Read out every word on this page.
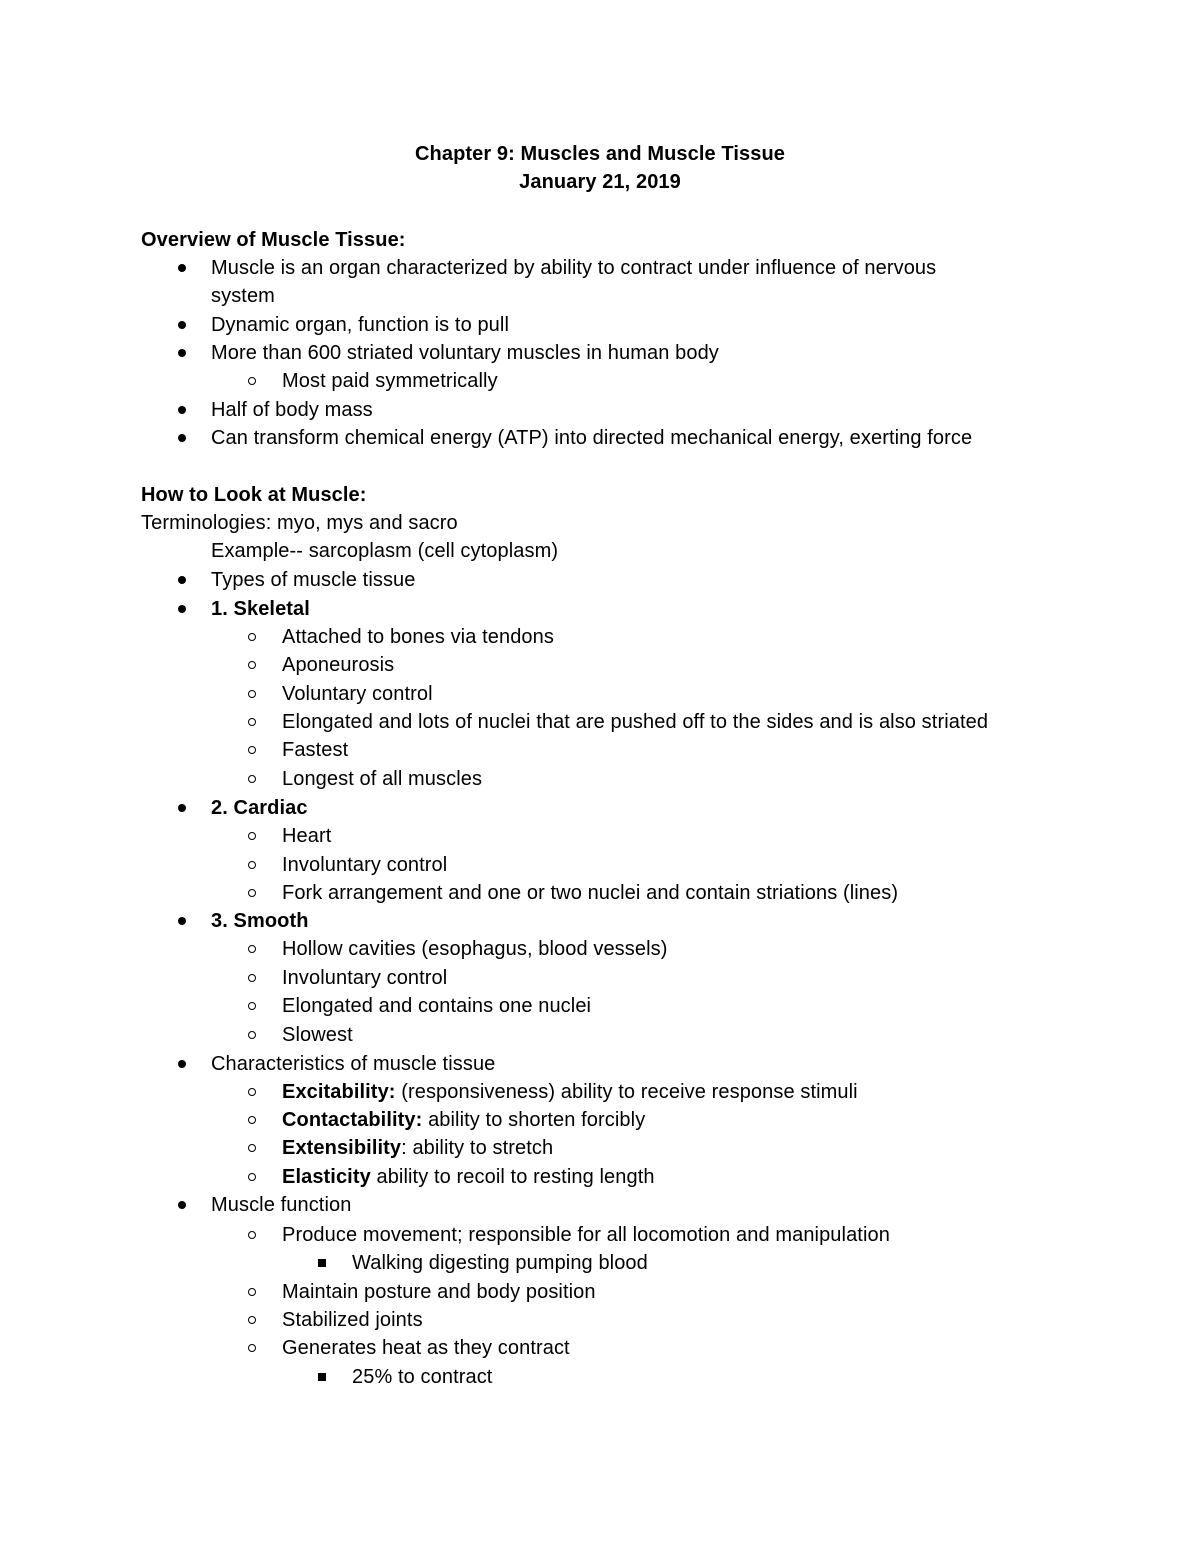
Chapter 9: Muscles and Muscle Tissue
January 21, 2019
Overview of Muscle Tissue:
Muscle is an organ characterized by ability to contract under influence of nervous
system
Dynamic organ, function is to pull
More than 600 striated voluntary muscles in human body
Most paid symmetrically
Half of body mass
Can transform chemical energy (ATP) into directed mechanical energy, exerting force
How to Look at Muscle:
Terminologies: myo, mys and sacro
Example-- sarcoplasm (cell cytoplasm)
Types of muscle tissue
1. Skeletal
Attached to bones via tendons
Aponeurosis
Voluntary control
Elongated and lots of nuclei that are pushed off to the sides and is also striated
Fastest
Longest of all muscles
2. Cardiac
Heart
Involuntary control
Fork arrangement and one or two nuclei and contain striations (lines)
3. Smooth
Hollow cavities (esophagus, blood vessels)
Involuntary control
Elongated and contains one nuclei
Slowest
Characteristics of muscle tissue
Excitability: (responsiveness) ability to receive response stimuli
Contactability: ability to shorten forcibly
Extensibility: ability to stretch
Elasticity ability to recoil to resting length
Muscle function
Produce movement; responsible for all locomotion and manipulation
Walking digesting pumping blood
Maintain posture and body position
Stabilized joints
Generates heat as they contract
25% to contract
